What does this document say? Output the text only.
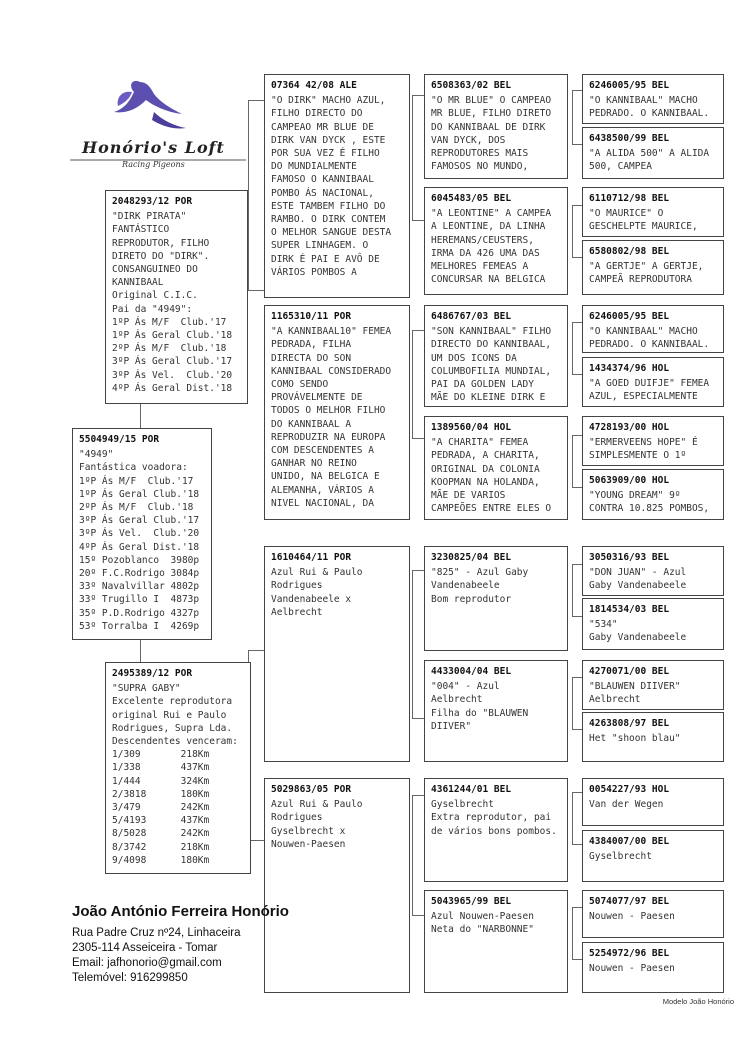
Honório's Loft
Racing Pigeons
2048293/12 POR
"DIRK PIRATA"
FANTÁSTICO
REPRODUTOR, FILHO
DIRETO DO "DIRK".
CONSANGUINEO DO
KANNIBAAL
Original C.I.C.
Pai da "4949":
1ºP Ás M/F  Club.'17
1ºP Ás Geral Club.'18
2ºP Ás M/F  Club.'18
3ºP Ás Geral Club.'17
3ºP Ás Vel.  Club.'20
4ºP Ás Geral Dist.'18
5504949/15 POR
"4949"
Fantástica voadora:
1ºP Ás M/F  Club.'17
1ºP Ás Geral Club.'18
2ºP Ás M/F  Club.'18
3ºP Ás Geral Club.'17
3ºP Ás Vel.  Club.'20
4ºP Ás Geral Dist.'18
15º Pozoblanco  3980p
20º F.C.Rodrigo 3084p
33º Navalvillar 4802p
33º Trugillo I  4873p
35º P.D.Rodrigo 4327p
53º Torralba I  4269p
2495389/12 POR
"SUPRA GABY"
Excelente reprodutora
original Rui e Paulo
Rodrigues, Supra Lda.
Descendentes venceram:
1/309       218Km
1/338       437Km
1/444       324Km
2/3818      180Km
3/479       242Km
5/4193      437Km
8/5028      242Km
8/3742      218Km
9/4098      180Km
07364 42/08 ALE
"O DIRK" MACHO AZUL,
FILHO DIRECTO DO
CAMPEAO MR BLUE DE
DIRK VAN DYCK , ESTE
POR SUA VEZ É FILHO
DO MUNDIALMENTE
FAMOSO O KANNIBAAL
POMBO ÁS NACIONAL,
ESTE TAMBEM FILHO DO
RAMBO. O DIRK CONTEM
O MELHOR SANGUE DESTA
SUPER LINHAGEM. O
DIRK É PAI E AVÔ DE
VÁRIOS POMBOS A
1165310/11 POR
"A KANNIBAAL10" FEMEA
PEDRADA, FILHA
DIRECTA DO SON
KANNIBAAL CONSIDERADO
COMO SENDO
PROVÁVELMENTE DE
TODOS O MELHOR FILHO
DO KANNIBAAL A
REPRODUZIR NA EUROPA
COM DESCENDENTES A
GANHAR NO REINO
UNIDO, NA BELGICA E
ALEMANHA, VÁRIOS A
NIVEL NACIONAL, DA
1610464/11 POR
Azul Rui & Paulo
Rodrigues
Vandenabeele x
Aelbrecht
5029863/05 POR
Azul Rui & Paulo
Rodrigues
Gyselbrecht x
Nouwen-Paesen
6508363/02 BEL
"O MR BLUE" O CAMPEAO
MR BLUE, FILHO DIRETO
DO KANNIBAAL DE DIRK
VAN DYCK, DOS
REPRODUTORES MAIS
FAMOSOS NO MUNDO,
6045483/05 BEL
"A LEONTINE" A CAMPEA
A LEONTINE, DA LINHA
HEREMANS/CEUSTERS,
IRMA DA 426 UMA DAS
MELHORES FEMEAS A
CONCURSAR NA BELGICA
6486767/03 BEL
"SON KANNIBAAL" FILHO
DIRECTO DO KANNIBAAL,
UM DOS ICONS DA
COLUMBOFILIA MUNDIAL,
PAI DA GOLDEN LADY
MÃE DO KLEINE DIRK E
1389560/04 HOL
"A CHARITA" FEMEA
PEDRADA, A CHARITA,
ORIGINAL DA COLONIA
KOOPMAN NA HOLANDA,
MÃE DE VARIOS
CAMPEÕES ENTRE ELES O
3230825/04 BEL
"825" - Azul Gaby
Vandenabeele
Bom reprodutor
4433004/04 BEL
"004" - Azul
Aelbrecht
Filha do "BLAUWEN
DIIVER"
4361244/01 BEL
Gyselbrecht
Extra reprodutor, pai
de vários bons pombos.
5043965/99 BEL
Azul Nouwen-Paesen
Neta do "NARBONNE"
6246005/95 BEL
"O KANNIBAAL" MACHO
PEDRADO. O KANNIBAAL.
6438500/99 BEL
"A ALIDA 500" A ALIDA
500, CAMPEA
6110712/98 BEL
"O MAURICE" O
GESCHELPTE MAURICE,
6580802/98 BEL
"A GERTJE" A GERTJE,
CAMPEÃ REPRODUTORA
6246005/95 BEL
"O KANNIBAAL" MACHO
PEDRADO. O KANNIBAAL.
1434374/96 HOL
"A GOED DUIFJE" FEMEA
AZUL, ESPECIALMENTE
4728193/00 HOL
"ERMERVEENS HOPE" É
SIMPLESMENTE O 1º
5063909/00 HOL
"YOUNG DREAM" 9º
CONTRA 10.825 POMBOS,
3050316/93 BEL
"DON JUAN" - Azul
Gaby Vandenabeele
1814534/03 BEL
"534"
Gaby Vandenabeele
4270071/00 BEL
"BLAUWEN DIIVER"
Aelbrecht
4263808/97 BEL
Het "shoon blau"
0054227/93 HOL
Van der Wegen
4384007/00 BEL
Gyselbrecht
5074077/97 BEL
Nouwen - Paesen
5254972/96 BEL
Nouwen - Paesen
João António Ferreira Honório
Rua Padre Cruz nº24, Linhaceira
2305-114 Asseiceira - Tomar
Email: jafhonorio@gmail.com
Telemóvel: 916299850
Modelo João Honório
